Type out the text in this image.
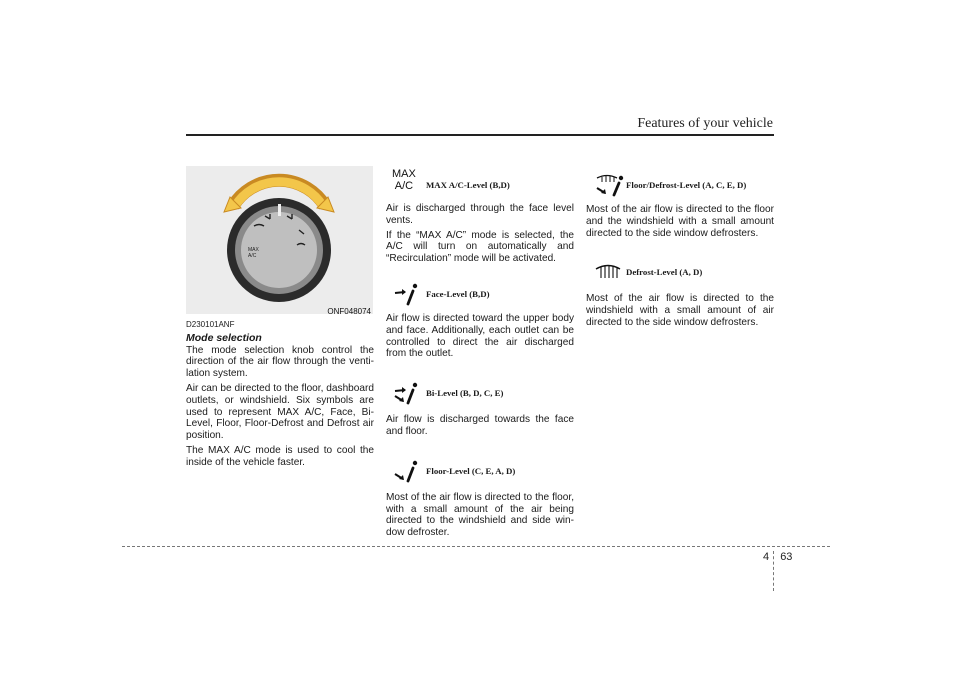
Features of your vehicle
MAX
A/C
ONF048074
D230101ANF
Mode selection

The mode selection knob control the direction of the air flow through the venti-lation system.

Air can be directed to the floor, dashboard outlets, or windshield. Six symbols are used to represent MAX A/C, Face, Bi-Level, Floor, Floor-Defrost and Defrost air position.

The MAX A/C mode is used to cool the inside of the vehicle faster.

MAX
A/C	MAX A/C-Level (B,D)

Air is discharged through the face level vents.

If the “MAX A/C” mode is selected, the A/C will turn on automatically and “Recirculation” mode will be activated.

Face-Level (B,D)

Air flow is directed toward the upper body and face. Additionally, each outlet can be controlled to direct the air discharged from the outlet.

Bi-Level (B, D, C, E)

Air flow is discharged towards the face and floor.

Floor-Level (C, E, A, D)

Most of the air flow is directed to the floor, with a small amount of the air being directed to the windshield and side win-dow defroster.

Floor/Defrost-Level (A, C, E, D)

Most of the air flow is directed to the floor and the windshield with a small amount directed to the side window defrosters.

Defrost-Level (A, D)

Most of the air flow is directed to the windshield with a small amount of air directed to the side window defrosters.

4 63
